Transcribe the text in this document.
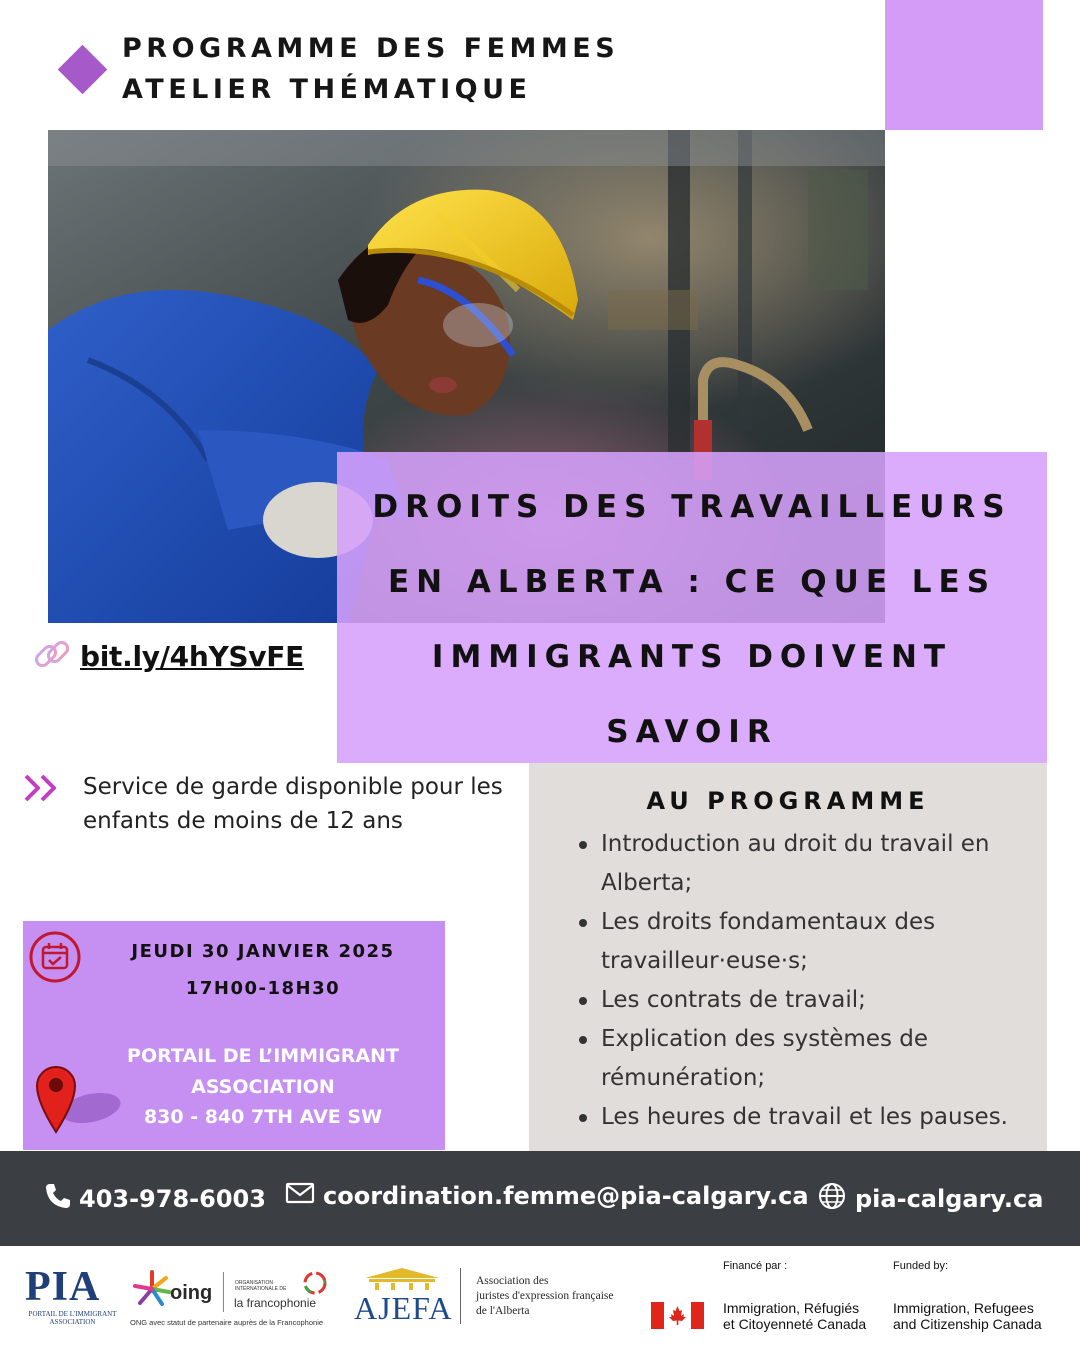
PROGRAMME DES FEMMES
ATELIER THÉMATIQUE
DROITS DES TRAVAILLEURS
EN ALBERTA : CE QUE LES
IMMIGRANTS DOIVENT
SAVOIR
bit.ly/4hYSvFE
Service de garde disponible pour les enfants de moins de 12 ans
AU PROGRAMME
Introduction au droit du travail en Alberta;
Les droits fondamentaux des travailleur·euse·s;
Les contrats de travail;
Explication des systèmes de rémunération;
Les heures de travail et les pauses.
JEUDI 30 JANVIER 2025
17H00-18H30
PORTAIL DE L’IMMIGRANT
ASSOCIATION
830 - 840 7TH AVE SW
403-978-6003 coordination.femme@pia-calgary.ca pia-calgary.ca
PIA
PORTAIL DE L'IMMIGRANT
ASSOCIATION
oing	ORGANISATION INTERNATIONALE DE
la francophonie
ONG avec statut de partenaire auprès de la Francophonie AJEFA
Association des
juristes d'expression française
de l'Alberta
Financé par :	Funded by:
Immigration, Réfugiés
et Citoyenneté Canada
Immigration, Refugees
and Citizenship Canada
